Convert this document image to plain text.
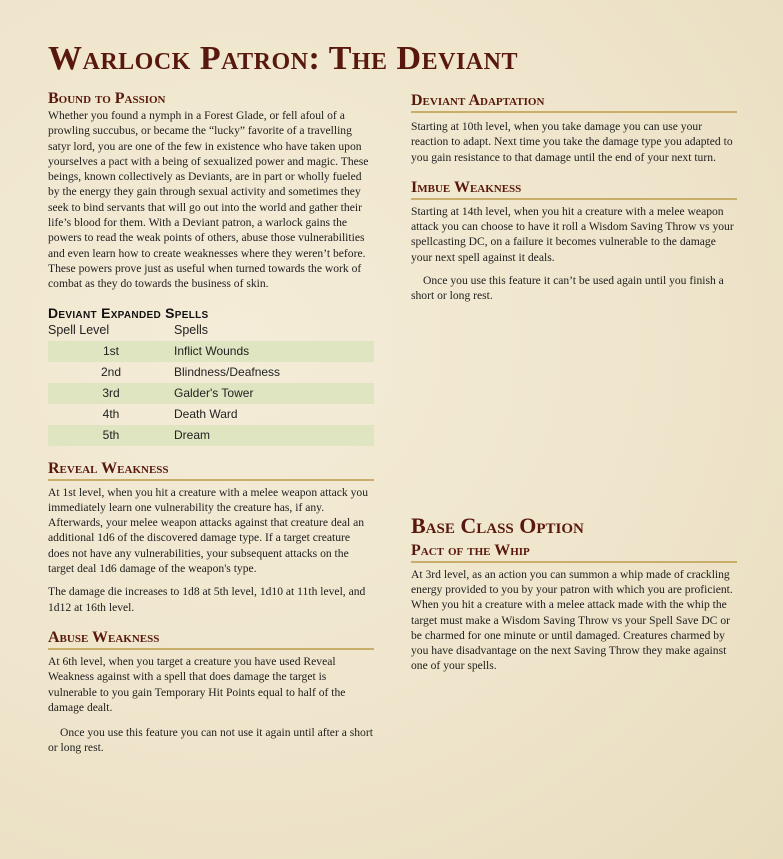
Warlock Patron: The Deviant
Bound to Passion

Whether you found a nymph in a Forest Glade, or fell afoul of a prowling succubus, or became the “lucky” favorite of a travelling satyr lord, you are one of the few in existence who have taken upon yourselves a pact with a being of sexualized power and magic. These beings, known collectively as Deviants, are in part or wholly fueled by the energy they gain through sexual activity and sometimes they seek to bind servants that will go out into the world and gather their life’s blood for them. With a Deviant patron, a warlock gains the powers to read the weak points of others, abuse those vulnerabilities and even learn how to create weaknesses where they weren’t before. These powers prove just as useful when turned towards the work of combat as they do towards the business of skin.

Deviant Expanded Spells
Spell Level	Spells
1st	Inflict Wounds
2nd	Blindness/Deafness
3rd	Galder's Tower
4th	Death Ward
5th	Dream
Reveal Weakness

At 1st level, when you hit a creature with a melee weapon attack you immediately learn one vulnerability the creature has, if any. Afterwards, your melee weapon attacks against that creature deal an additional 1d6 of the discovered damage type. If a target creature does not have any vulnerabilities, your subsequent attacks on the target deal 1d6 damage of the weapon's type.

The damage die increases to 1d8 at 5th level, 1d10 at 11th level, and 1d12 at 16th level.

Abuse Weakness

At 6th level, when you target a creature you have used Reveal Weakness against with a spell that does damage the target is vulnerable to you gain Temporary Hit Points equal to half of the damage dealt.

Once you use this feature you can not use it again until after a short or long rest.

Deviant Adaptation

Starting at 10th level, when you take damage you can use your reaction to adapt. Next time you take the damage type you adapted to you gain resistance to that damage until the end of your next turn.

Imbue Weakness

Starting at 14th level, when you hit a creature with a melee weapon attack you can choose to have it roll a Wisdom Saving Throw vs your spellcasting DC, on a failure it becomes vulnerable to the damage your next spell against it deals.

Once you use this feature it can’t be used again until you finish a short or long rest.

Base Class Option
Pact of the Whip

At 3rd level, as an action you can summon a whip made of crackling energy provided to you by your patron with which you are proficient. When you hit a creature with a melee attack made with the whip the target must make a Wisdom Saving Throw vs your Spell Save DC or be charmed for one minute or until damaged. Creatures charmed by you have disadvantage on the next Saving Throw they make against one of your spells.
